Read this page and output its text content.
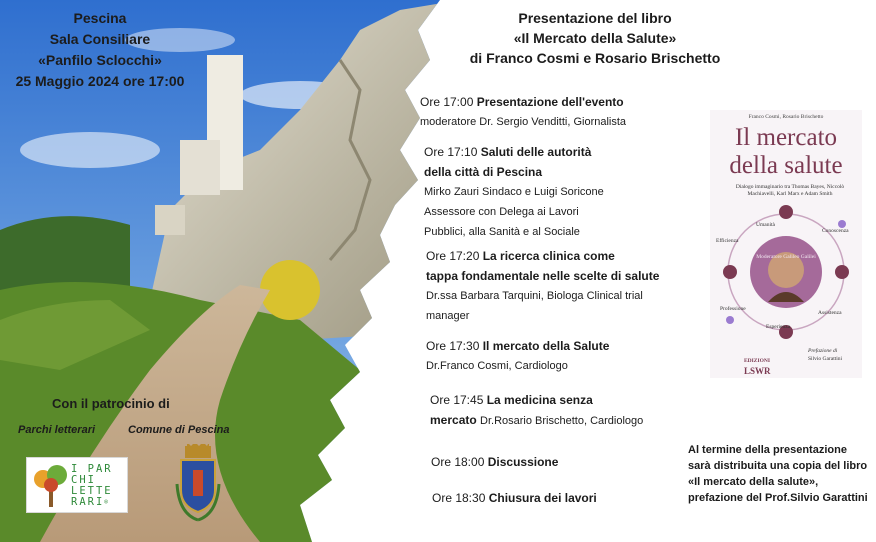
Pescina
Sala Consiliare
«Panfilo Sclocchi»
25 Maggio 2024 ore 17:00
Con il patrocinio di
Parchi letterari	Comune di Pescina
I PAR
CHI
LETTE
RARI®
Presentazione del libro
«Il Mercato della Salute»
di Franco Cosmi e Rosario Brischetto
Ore 17:00 Presentazione dell'evento
moderatore Dr. Sergio Venditti, Giornalista
Ore 17:10 Saluti delle autorità
della città di Pescina
Mirko Zauri Sindaco e Luigi Soricone
Assessore con Delega ai Lavori
Pubblici, alla Sanità e al Sociale
Ore 17:20 La ricerca clinica come
tappa fondamentale nelle scelte di salute
Dr.ssa Barbara Tarquini, Biologa Clinical trial
manager
Ore 17:30 Il mercato della Salute
Dr.Franco Cosmi, Cardiologo
Ore 17:45 La medicina senza
mercato Dr.Rosario Brischetto, Cardiologo
Ore 18:00 Discussione
Ore 18:30 Chiusura dei lavori
Franco Cosmi, Rosario Brischetto
Il mercato
della salute
Dialogo immaginario tra Thomas Bayes, Niccolò Machiavelli, Karl Marx e Adam Smith
Moderatore Galileo Galilei
Efficienza
Umanità
Conoscenza
Professione
Esperienza
Assistenza
Prefazione di
Silvio Garattini
EDIZIONI
LSWR
Al termine della presentazione
sarà distribuita una copia del libro
«Il mercato della salute»,
prefazione del Prof.Silvio Garattini
